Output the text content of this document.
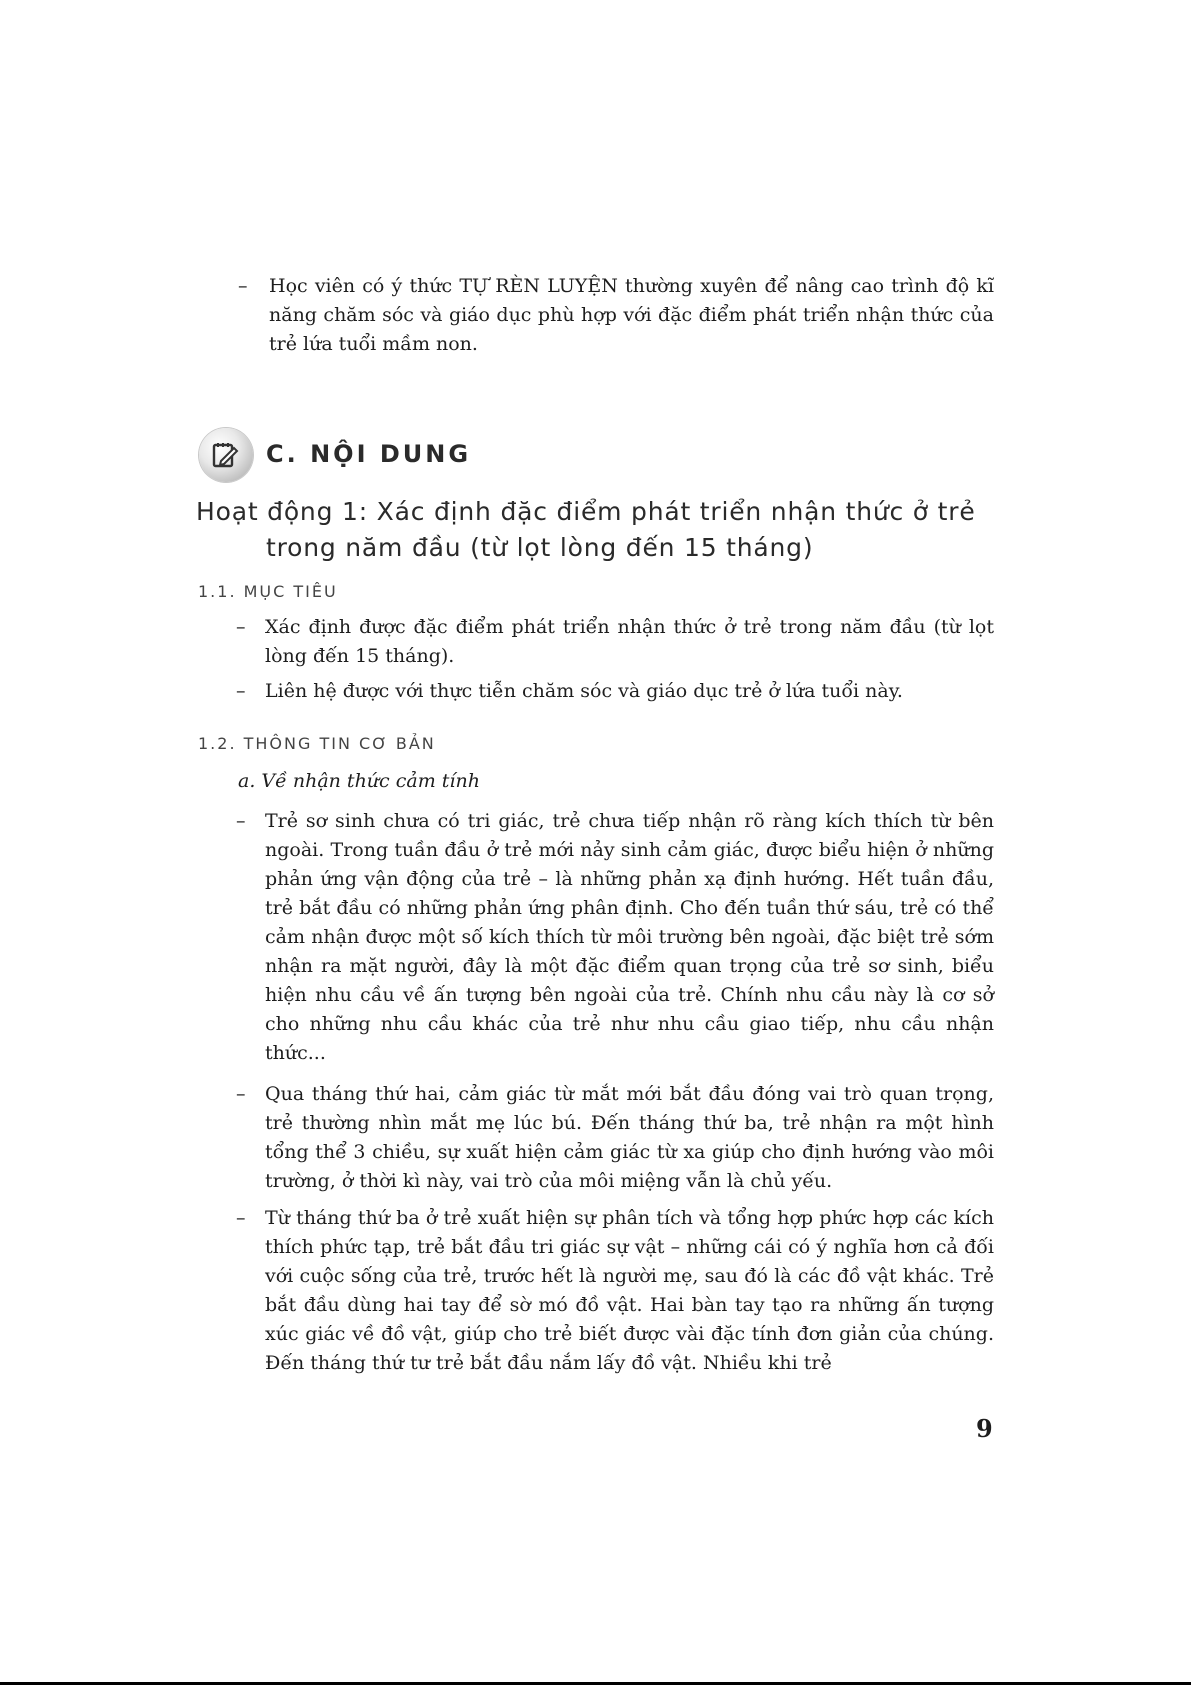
– Học viên có ý thức TỰ RÈN LUYỆN thường xuyên để nâng cao trình độ kĩ năng chăm sóc và giáo dục phù hợp với đặc điểm phát triển nhận thức của trẻ lứa tuổi mầm non.
C. NỘI DUNG
Hoạt động 1: Xác định đặc điểm phát triển nhận thức ở trẻ
trong năm đầu (từ lọt lòng đến 15 tháng)
1.1. MỤC TIÊU
– Xác định được đặc điểm phát triển nhận thức ở trẻ trong năm đầu (từ lọt lòng đến 15 tháng).
– Liên hệ được với thực tiễn chăm sóc và giáo dục trẻ ở lứa tuổi này.
1.2. THÔNG TIN CƠ BẢN
a. Về nhận thức cảm tính
– Trẻ sơ sinh chưa có tri giác, trẻ chưa tiếp nhận rõ ràng kích thích từ bên ngoài. Trong tuần đầu ở trẻ mới nảy sinh cảm giác, được biểu hiện ở những phản ứng vận động của trẻ – là những phản xạ định hướng. Hết tuần đầu, trẻ bắt đầu có những phản ứng phân định. Cho đến tuần thứ sáu, trẻ có thể cảm nhận được một số kích thích từ môi trường bên ngoài, đặc biệt trẻ sớm nhận ra mặt người, đây là một đặc điểm quan trọng của trẻ sơ sinh, biểu hiện nhu cầu về ấn tượng bên ngoài của trẻ. Chính nhu cầu này là cơ sở cho những nhu cầu khác của trẻ như nhu cầu giao tiếp, nhu cầu nhận thức...
– Qua tháng thứ hai, cảm giác từ mắt mới bắt đầu đóng vai trò quan trọng, trẻ thường nhìn mắt mẹ lúc bú. Đến tháng thứ ba, trẻ nhận ra một hình tổng thể 3 chiều, sự xuất hiện cảm giác từ xa giúp cho định hướng vào môi trường, ở thời kì này, vai trò của môi miệng vẫn là chủ yếu.
– Từ tháng thứ ba ở trẻ xuất hiện sự phân tích và tổng hợp phức hợp các kích thích phức tạp, trẻ bắt đầu tri giác sự vật – những cái có ý nghĩa hơn cả đối với cuộc sống của trẻ, trước hết là người mẹ, sau đó là các đồ vật khác. Trẻ bắt đầu dùng hai tay để sờ mó đồ vật. Hai bàn tay tạo ra những ấn tượng xúc giác về đồ vật, giúp cho trẻ biết được vài đặc tính đơn giản của chúng. Đến tháng thứ tư trẻ bắt đầu nắm lấy đồ vật. Nhiều khi trẻ
9
